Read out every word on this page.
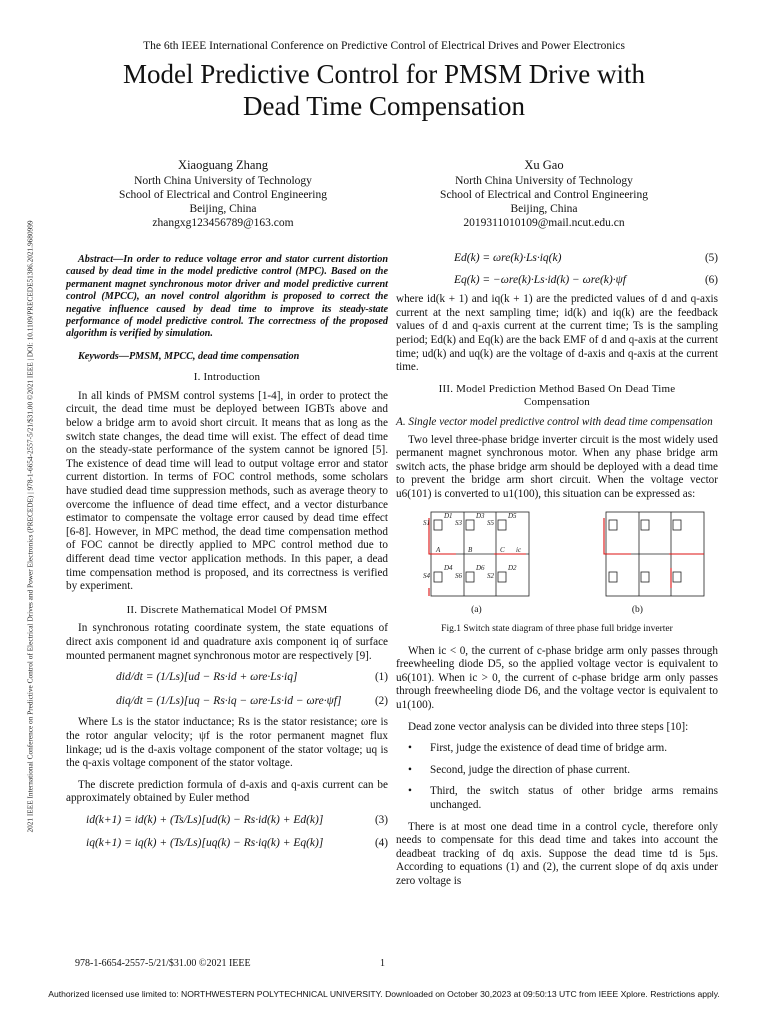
The 6th IEEE International Conference on Predictive Control of Electrical Drives and Power Electronics
Model Predictive Control for PMSM Drive with
Dead Time Compensation
2021 IEEE International Conference on Predictive Control of Electrical Drives and Power Electronics (PRECEDE) | 978-1-6654-2557-5/21/$31.00 ©2021 IEEE | DOI: 10.1109/PRECEDE51386.2021.9680999
Xiaoguang Zhang
North China University of Technology
School of Electrical and Control Engineering
Beijing, China
zhangxg123456789@163.com
Xu Gao
North China University of Technology
School of Electrical and Control Engineering
Beijing, China
2019311010109@mail.ncut.edu.cn

Abstract—In order to reduce voltage error and stator current distortion caused by dead time in the model predictive control (MPC). Based on the permanent magnet synchronous motor driver and model predictive current control (MPCC), an novel control algorithm is proposed to correct the negative influence caused by dead time to improve its steady-state performance of model predictive control. The correctness of the proposed algorithm is verified by simulation.

Keywords—PMSM, MPCC, dead time compensation

I. Introduction

In all kinds of PMSM control systems [1-4], in order to protect the circuit, the dead time must be deployed between IGBTs above and below a bridge arm to avoid short circuit. It means that as long as the switch state changes, the dead time will exist. The effect of dead time on the steady-state performance of the system cannot be ignored [5]. The existence of dead time will lead to output voltage error and stator current distortion. In terms of FOC control methods, some scholars have studied dead time suppression methods, such as average theory to overcome the influence of dead time effect, and a vector disturbance estimator to compensate the voltage error caused by dead time effect [6-8]. However, in MPC method, the dead time compensation method of FOC cannot be directly applied to MPC control method due to different dead time vector application methods. In this paper, a dead time compensation method is proposed, and its correctness is verified by experiment.

II. Discrete Mathematical Model Of PMSM

In synchronous rotating coordinate system, the state equations of direct axis component id and quadrature axis component iq of surface mounted permanent magnet synchronous motor are respectively [9].

did/dt = (1/Ls)[ud − Rs·id + ωre·Ls·iq]	(1)
diq/dt = (1/Ls)[uq − Rs·iq − ωre·Ls·id − ωre·ψf]	(2)

Where Ls is the stator inductance; Rs is the stator resistance; ωre is the rotor angular velocity; ψf is the rotor permanent magnet flux linkage; ud is the d-axis voltage component of the stator voltage; uq is the q-axis voltage component of the stator voltage.

The discrete prediction formula of d-axis and q-axis current can be approximately obtained by Euler method

id(k+1) = id(k) + (Ts/Ls)[ud(k) − Rs·id(k) + Ed(k)]	(3)
iq(k+1) = iq(k) + (Ts/Ls)[uq(k) − Rs·iq(k) + Eq(k)]	(4)
Ed(k) = ωre(k)·Ls·iq(k)	(5)
Eq(k) = −ωre(k)·Ls·id(k) − ωre(k)·ψf	(6)

where id(k + 1) and iq(k + 1) are the predicted values of d and q-axis current at the next sampling time; id(k) and iq(k) are the feedback values of d and q-axis current at the current time; Ts is the sampling period; Ed(k) and Eq(k) are the back EMF of d and q-axis at the current time; ud(k) and uq(k) are the voltage of d-axis and q-axis at the current time.

III. Model Prediction Method Based On Dead Time
Compensation
A. Single vector model predictive control with dead time compensation

Two level three-phase bridge inverter circuit is the most widely used permanent magnet synchronous motor. When any phase bridge arm switch acts, the phase bridge arm should be deployed with a dead time to prevent the bridge arm short circuit. When the voltage vector u6(101) is converted to u1(100), this situation can be expressed as:

S1	S3	S5
S4	S6	S2
D1	D3	D5
D4	D6	D2
A	B	C ic
(a)	(b)
Fig.1 Switch state diagram of three phase full bridge inverter

When ic < 0, the current of c-phase bridge arm only passes through freewheeling diode D5, so the applied voltage vector is equivalent to u6(101). When ic > 0, the current of c-phase bridge arm only passes through freewheeling diode D6, and the voltage vector is equivalent to u1(100).

Dead zone vector analysis can be divided into three steps [10]:

• First, judge the existence of dead time of bridge arm.
• Second, judge the direction of phase current.
• Third, the switch status of other bridge arms remains unchanged.

There is at most one dead time in a control cycle, therefore only needs to compensate for this dead time and takes into account the deadbeat tracking of dq axis. Suppose the dead time td is 5μs. According to equations (1) and (2), the current slope of dq axis under zero voltage is

978-1-6654-2557-5/21/$31.00 ©2021 IEEE	1
Authorized licensed use limited to: NORTHWESTERN POLYTECHNICAL UNIVERSITY. Downloaded on October 30,2023 at 09:50:13 UTC from IEEE Xplore. Restrictions apply.
